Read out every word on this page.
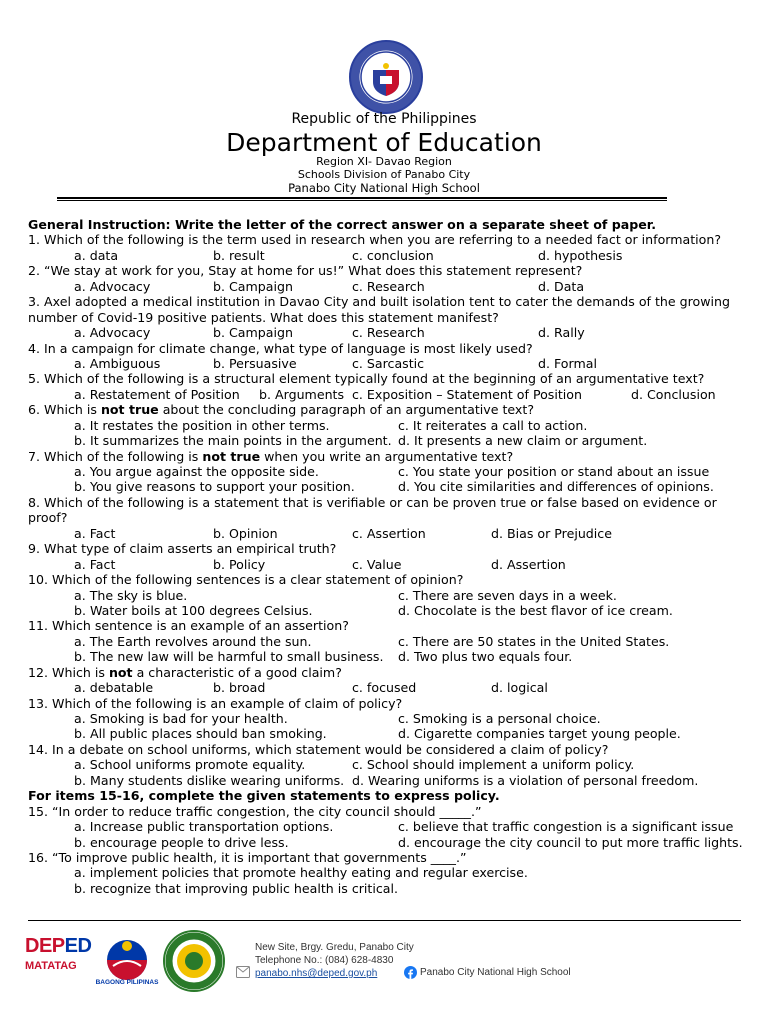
Republic of the Philippines
Department of Education
Region XI- Davao Region
Schools Division of Panabo City
Panabo City National High School
General Instruction: Write the letter of the correct answer on a separate sheet of paper.
1. Which of the following is the term used in research when you are referring to a needed fact or information?
a. data	b. result	c. conclusion	d. hypothesis
2. “We stay at work for you, Stay at home for us!” What does this statement represent?
a. Advocacy	b. Campaign	c. Research	d. Data
3. Axel adopted a medical institution in Davao City and built isolation tent to cater the demands of the growing number of Covid-19 positive patients. What does this statement manifest?
a. Advocacy	b. Campaign	c. Research	d. Rally
4. In a campaign for climate change, what type of language is most likely used?
a. Ambiguous	b. Persuasive	c. Sarcastic	d. Formal
5. Which of the following is a structural element typically found at the beginning of an argumentative text?
a. Restatement of Position b. Arguments c. Exposition – Statement of Position	d. Conclusion
6. Which is not true about the concluding paragraph of an argumentative text?
a. It restates the position in other terms.	c. It reiterates a call to action.
b. It summarizes the main points in the argument. d. It presents a new claim or argument.
7. Which of the following is not true when you write an argumentative text?
a. You argue against the opposite side.	c. You state your position or stand about an issue
b. You give reasons to support your position.	d. You cite similarities and differences of opinions.
8. Which of the following is a statement that is verifiable or can be proven true or false based on evidence or proof?
a. Fact	b. Opinion	c. Assertion	d. Bias or Prejudice
9. What type of claim asserts an empirical truth?
a. Fact	b. Policy	c. Value	d. Assertion
10. Which of the following sentences is a clear statement of opinion?
a. The sky is blue.	c. There are seven days in a week.
b. Water boils at 100 degrees Celsius.	d. Chocolate is the best flavor of ice cream.
11. Which sentence is an example of an assertion?
a. The Earth revolves around the sun.	c. There are 50 states in the United States.
b. The new law will be harmful to small business. d. Two plus two equals four.
12. Which is not a characteristic of a good claim?
a. debatable	b. broad	c. focused	d. logical
13. Which of the following is an example of claim of policy?
a. Smoking is bad for your health.	c. Smoking is a personal choice.
b. All public places should ban smoking.	d. Cigarette companies target young people.
14. In a debate on school uniforms, which statement would be considered a claim of policy?
a. School uniforms promote equality.	c. School should implement a uniform policy.
b. Many students dislike wearing uniforms. d. Wearing uniforms is a violation of personal freedom.
For items 15-16, complete the given statements to express policy.
15. “In order to reduce traffic congestion, the city council should _____.”
a. Increase public transportation options.	c. believe that traffic congestion is a significant issue
b. encourage people to drive less.	d. encourage the city council to put more traffic lights.
16. “To improve public health, it is important that governments ____.”
a. implement policies that promote healthy eating and regular exercise.
b. recognize that improving public health is critical.
DEPED
MATATAG
BAGONG PILIPINAS
New Site, Brgy. Gredu, Panabo City
Telephone No.: (084) 628-4830
panabo.nhs@deped.gov.ph	Panabo City National High School
